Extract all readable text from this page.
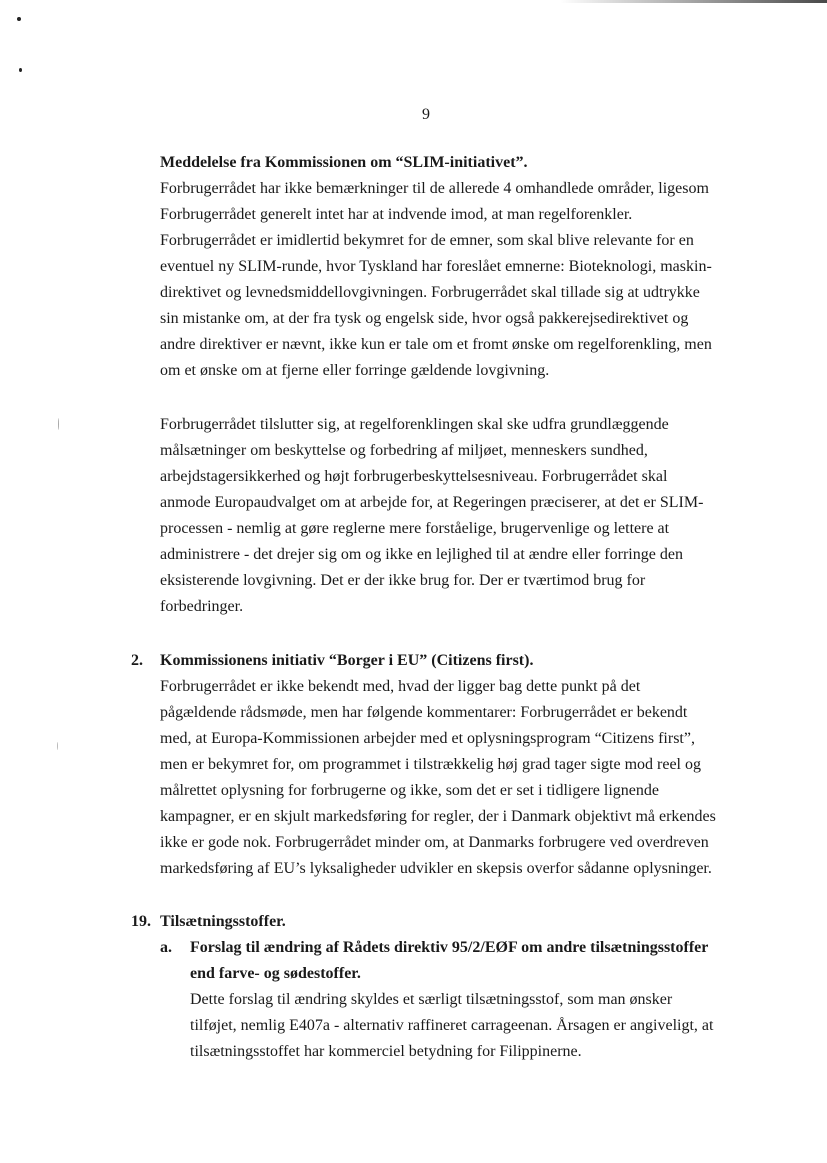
9
Meddelelse fra Kommissionen om “SLIM-initiativet”.
Forbrugerrådet har ikke bemærkninger til de allerede 4 omhandlede områder, ligesom
Forbrugerrådet generelt intet har at indvende imod, at man regelforenkler.
Forbrugerrådet er imidlertid bekymret for de emner, som skal blive relevante for en
eventuel ny SLIM-runde, hvor Tyskland har foreslået emnerne: Bioteknologi, maskin-
direktivet og levnedsmiddellovgivningen. Forbrugerrådet skal tillade sig at udtrykke
sin mistanke om, at der fra tysk og engelsk side, hvor også pakkerejsedirektivet og
andre direktiver er nævnt, ikke kun er tale om et fromt ønske om regelforenkling, men
om et ønske om at fjerne eller forringe gældende lovgivning.
Forbrugerrådet tilslutter sig, at regelforenklingen skal ske udfra grundlæggende
målsætninger om beskyttelse og forbedring af miljøet, menneskers sundhed,
arbejdstagersikkerhed og højt forbrugerbeskyttelsesniveau. Forbrugerrådet skal
anmode Europaudvalget om at arbejde for, at Regeringen præciserer, at det er SLIM-
processen - nemlig at gøre reglerne mere forståelige, brugervenlige og lettere at
administrere - det drejer sig om og ikke en lejlighed til at ændre eller forringe den
eksisterende lovgivning. Det er der ikke brug for. Der er tværtimod brug for
forbedringer.
2. Kommissionens initiativ “Borger i EU” (Citizens first).
Forbrugerrådet er ikke bekendt med, hvad der ligger bag dette punkt på det
pågældende rådsmøde, men har følgende kommentarer: Forbrugerrådet er bekendt
med, at Europa-Kommissionen arbejder med et oplysningsprogram “Citizens first”,
men er bekymret for, om programmet i tilstrækkelig høj grad tager sigte mod reel og
målrettet oplysning for forbrugerne og ikke, som det er set i tidligere lignende
kampagner, er en skjult markedsføring for regler, der i Danmark objektivt må erkendes
ikke er gode nok. Forbrugerrådet minder om, at Danmarks forbrugere ved overdreven
markedsføring af EU’s lyksaligheder udvikler en skepsis overfor sådanne oplysninger.
19. Tilsætningsstoffer.
a. Forslag til ændring af Rådets direktiv 95/2/EØF om andre tilsætningsstoffer
end farve- og sødestoffer.
Dette forslag til ændring skyldes et særligt tilsætningsstof, som man ønsker
tilføjet, nemlig E407a - alternativ raffineret carrageenan. Årsagen er angiveligt, at
tilsætningsstoffet har kommerciel betydning for Filippinerne.
